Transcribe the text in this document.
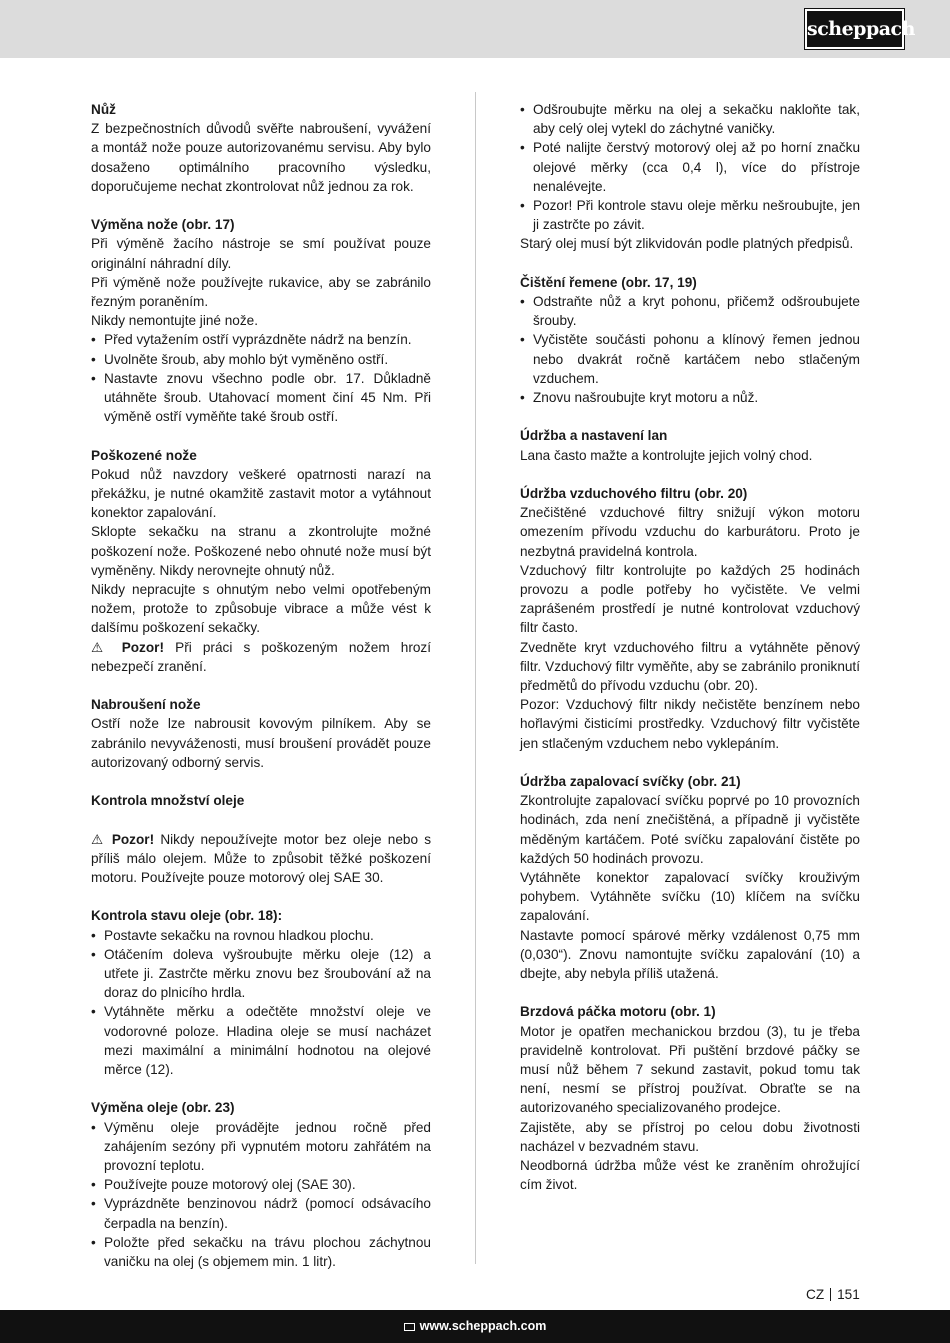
scheppach
Nůž
Z bezpečnostních důvodů svěřte nabroušení, vyvážení a montáž nože pouze autorizovanému servisu. Aby bylo dosaženo optimálního pracovního výsledku, doporučujeme nechat zkontrolovat nůž jednou za rok.
Výměna nože (obr. 17)
Při výměně žacího nástroje se smí používat pouze originální náhradní díly.
Při výměně nože používejte rukavice, aby se zabránilo řezným poraněním.
Nikdy nemontujte jiné nože.
• Před vytažením ostří vyprázdněte nádrž na benzín.
• Uvolněte šroub, aby mohlo být vyměněno ostří.
• Nastavte znovu všechno podle obr. 17. Důkladně utáhněte šroub. Utahovací moment činí 45 Nm. Při výměně ostří vyměňte také šroub ostří.
Poškozené nože
Pokud nůž navzdory veškeré opatrnosti narazí na překážku, je nutné okamžitě zastavit motor a vytáhnout konektor zapalování.
Sklopte sekačku na stranu a zkontrolujte možné poškození nože. Poškozené nebo ohnuté nože musí být vyměněny. Nikdy nerovnejte ohnutý nůž.
Nikdy nepracujte s ohnutým nebo velmi opotřebeným nožem, protože to způsobuje vibrace a může vést k dalšímu poškození sekačky.
⚠ Pozor! Při práci s poškozeným nožem hrozí nebezpečí zranění.
Nabroušení nože
Ostří nože lze nabrousit kovovým pilníkem. Aby se zabránilo nevyváženosti, musí broušení provádět pouze autorizovaný odborný servis.
Kontrola množství oleje
⚠ Pozor! Nikdy nepoužívejte motor bez oleje nebo s příliš málo olejem. Může to způsobit těžké poškození motoru. Používejte pouze motorový olej SAE 30.
Kontrola stavu oleje (obr. 18):
• Postavte sekačku na rovnou hladkou plochu.
• Otáčením doleva vyšroubujte měrku oleje (12) a utřete ji. Zastrčte měrku znovu bez šroubování až na doraz do plnicího hrdla.
• Vytáhněte měrku a odečtěte množství oleje ve vodorovné poloze. Hladina oleje se musí nacházet mezi maximální a minimální hodnotou na olejové měrce (12).
Výměna oleje (obr. 23)
• Výměnu oleje provádějte jednou ročně před zahájením sezóny při vypnutém motoru zahřátém na provozní teplotu.
• Používejte pouze motorový olej (SAE 30).
• Vyprázdněte benzinovou nádrž (pomocí odsávacího čerpadla na benzín).
• Položte před sekačku na trávu plochou záchytnou vaničku na olej (s objemem min. 1 litr).
• Odšroubujte měrku na olej a sekačku nakloňte tak, aby celý olej vytekl do záchytné vaničky.
• Poté nalijte čerstvý motorový olej až po horní značku olejové měrky (cca 0,4 l), více do přístroje nenalévejte.
• Pozor! Při kontrole stavu oleje měrku nešroubujte, jen ji zastrčte po závit.
Starý olej musí být zlikvidován podle platných předpisů.
Čištění řemene (obr. 17, 19)
• Odstraňte nůž a kryt pohonu, přičemž odšroubujete šrouby.
• Vyčistěte součásti pohonu a klínový řemen jednou nebo dvakrát ročně kartáčem nebo stlačeným vzduchem.
• Znovu našroubujte kryt motoru a nůž.
Údržba a nastavení lan
Lana často mažte a kontrolujte jejich volný chod.
Údržba vzduchového filtru (obr. 20)
Znečištěné vzduchové filtry snižují výkon motoru omezením přívodu vzduchu do karburátoru. Proto je nezbytná pravidelná kontrola.
Vzduchový filtr kontrolujte po každých 25 hodinách provozu a podle potřeby ho vyčistěte. Ve velmi zaprášeném prostředí je nutné kontrolovat vzduchový filtr často.
Zvedněte kryt vzduchového filtru a vytáhněte pěnový filtr. Vzduchový filtr vyměňte, aby se zabránilo proniknutí předmětů do přívodu vzduchu (obr. 20).
Pozor: Vzduchový filtr nikdy nečistěte benzínem nebo hořlavými čisticími prostředky. Vzduchový filtr vyčistěte jen stlačeným vzduchem nebo vyklepáním.
Údržba zapalovací svíčky (obr. 21)
Zkontrolujte zapalovací svíčku poprvé po 10 provozních hodinách, zda není znečištěná, a případně ji vyčistěte měděným kartáčem. Poté svíčku zapalování čistěte po každých 50 hodinách provozu.
Vytáhněte konektor zapalovací svíčky krouživým pohybem. Vytáhněte svíčku (10) klíčem na svíčku zapalování.
Nastavte pomocí spárové měrky vzdálenost 0,75 mm (0,030“). Znovu namontujte svíčku zapalování (10) a dbejte, aby nebyla příliš utažená.
Brzdová páčka motoru (obr. 1)
Motor je opatřen mechanickou brzdou (3), tu je třeba pravidelně kontrolovat. Při puštění brzdové páčky se musí nůž během 7 sekund zastavit, pokud tomu tak není, nesmí se přístroj používat. Obraťte se na autorizovaného specializovaného prodejce.
Zajistěte, aby se přístroj po celou dobu životnosti nacházel v bezvadném stavu.
Neodborná údržba může vést ke zraněním ohrožující cím život.
CZ 151
www.scheppach.com
